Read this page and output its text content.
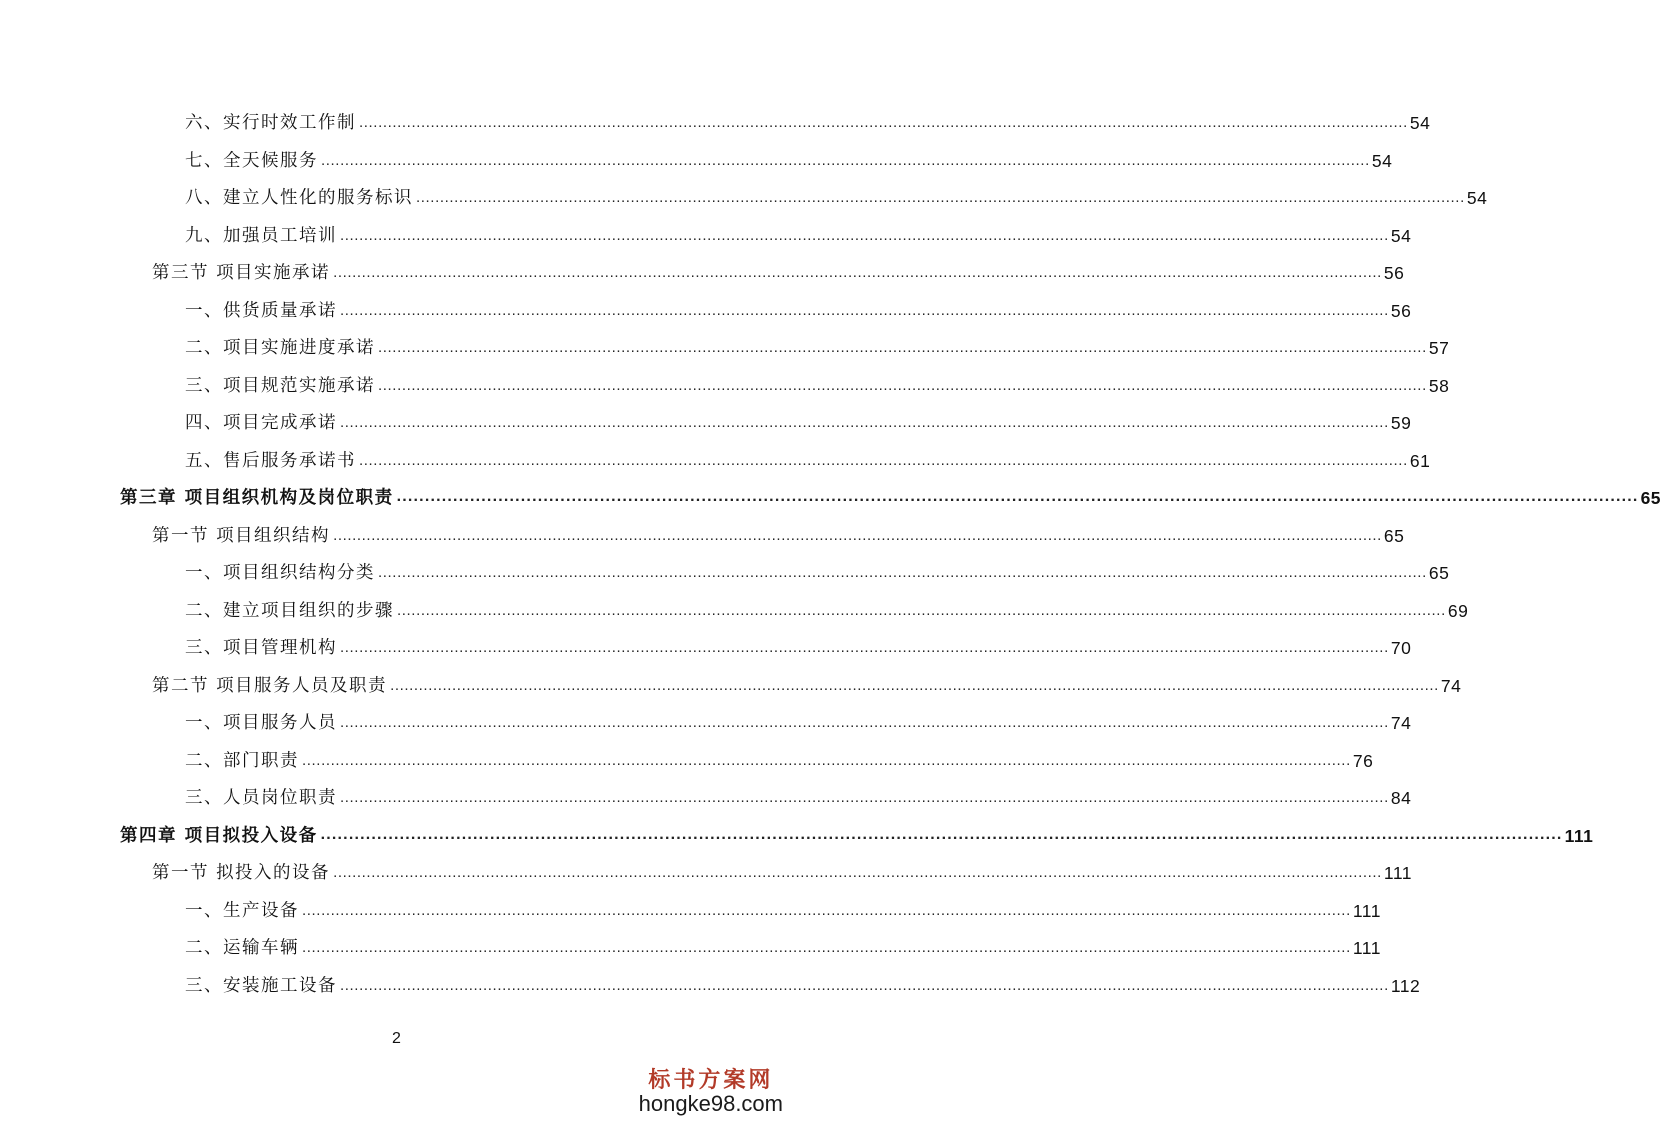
六、实行时效工作制 ............................................................................................................................................................................................................................ 54
七、全天候服务 ............................................................................................................................................................................................................................ 54
八、建立人性化的服务标识 ............................................................................................................................................................................................................................ 54
九、加强员工培训 ............................................................................................................................................................................................................................ 54
第三节 项目实施承诺 ............................................................................................................................................................................................................................ 56
一、供货质量承诺 ............................................................................................................................................................................................................................ 56
二、项目实施进度承诺 ............................................................................................................................................................................................................................ 57
三、项目规范实施承诺 ............................................................................................................................................................................................................................ 58
四、项目完成承诺 ............................................................................................................................................................................................................................ 59
五、售后服务承诺书 ............................................................................................................................................................................................................................ 61
第三章 项目组织机构及岗位职责 ............................................................................................................................................................................................................................ 65
第一节 项目组织结构 ............................................................................................................................................................................................................................ 65
一、项目组织结构分类 ............................................................................................................................................................................................................................ 65
二、建立项目组织的步骤 ............................................................................................................................................................................................................................ 69
三、项目管理机构 ............................................................................................................................................................................................................................ 70
第二节 项目服务人员及职责 ............................................................................................................................................................................................................................ 74
一、项目服务人员 ............................................................................................................................................................................................................................ 74
二、部门职责 ............................................................................................................................................................................................................................ 76
三、人员岗位职责 ............................................................................................................................................................................................................................ 84
第四章 项目拟投入设备 ............................................................................................................................................................................................................................ 111
第一节 拟投入的设备 ............................................................................................................................................................................................................................ 111
一、生产设备 ............................................................................................................................................................................................................................ 111
二、运输车辆 ............................................................................................................................................................................................................................ 111
三、安装施工设备 ............................................................................................................................................................................................................................ 112
2
标书方案网
hongke98.com
